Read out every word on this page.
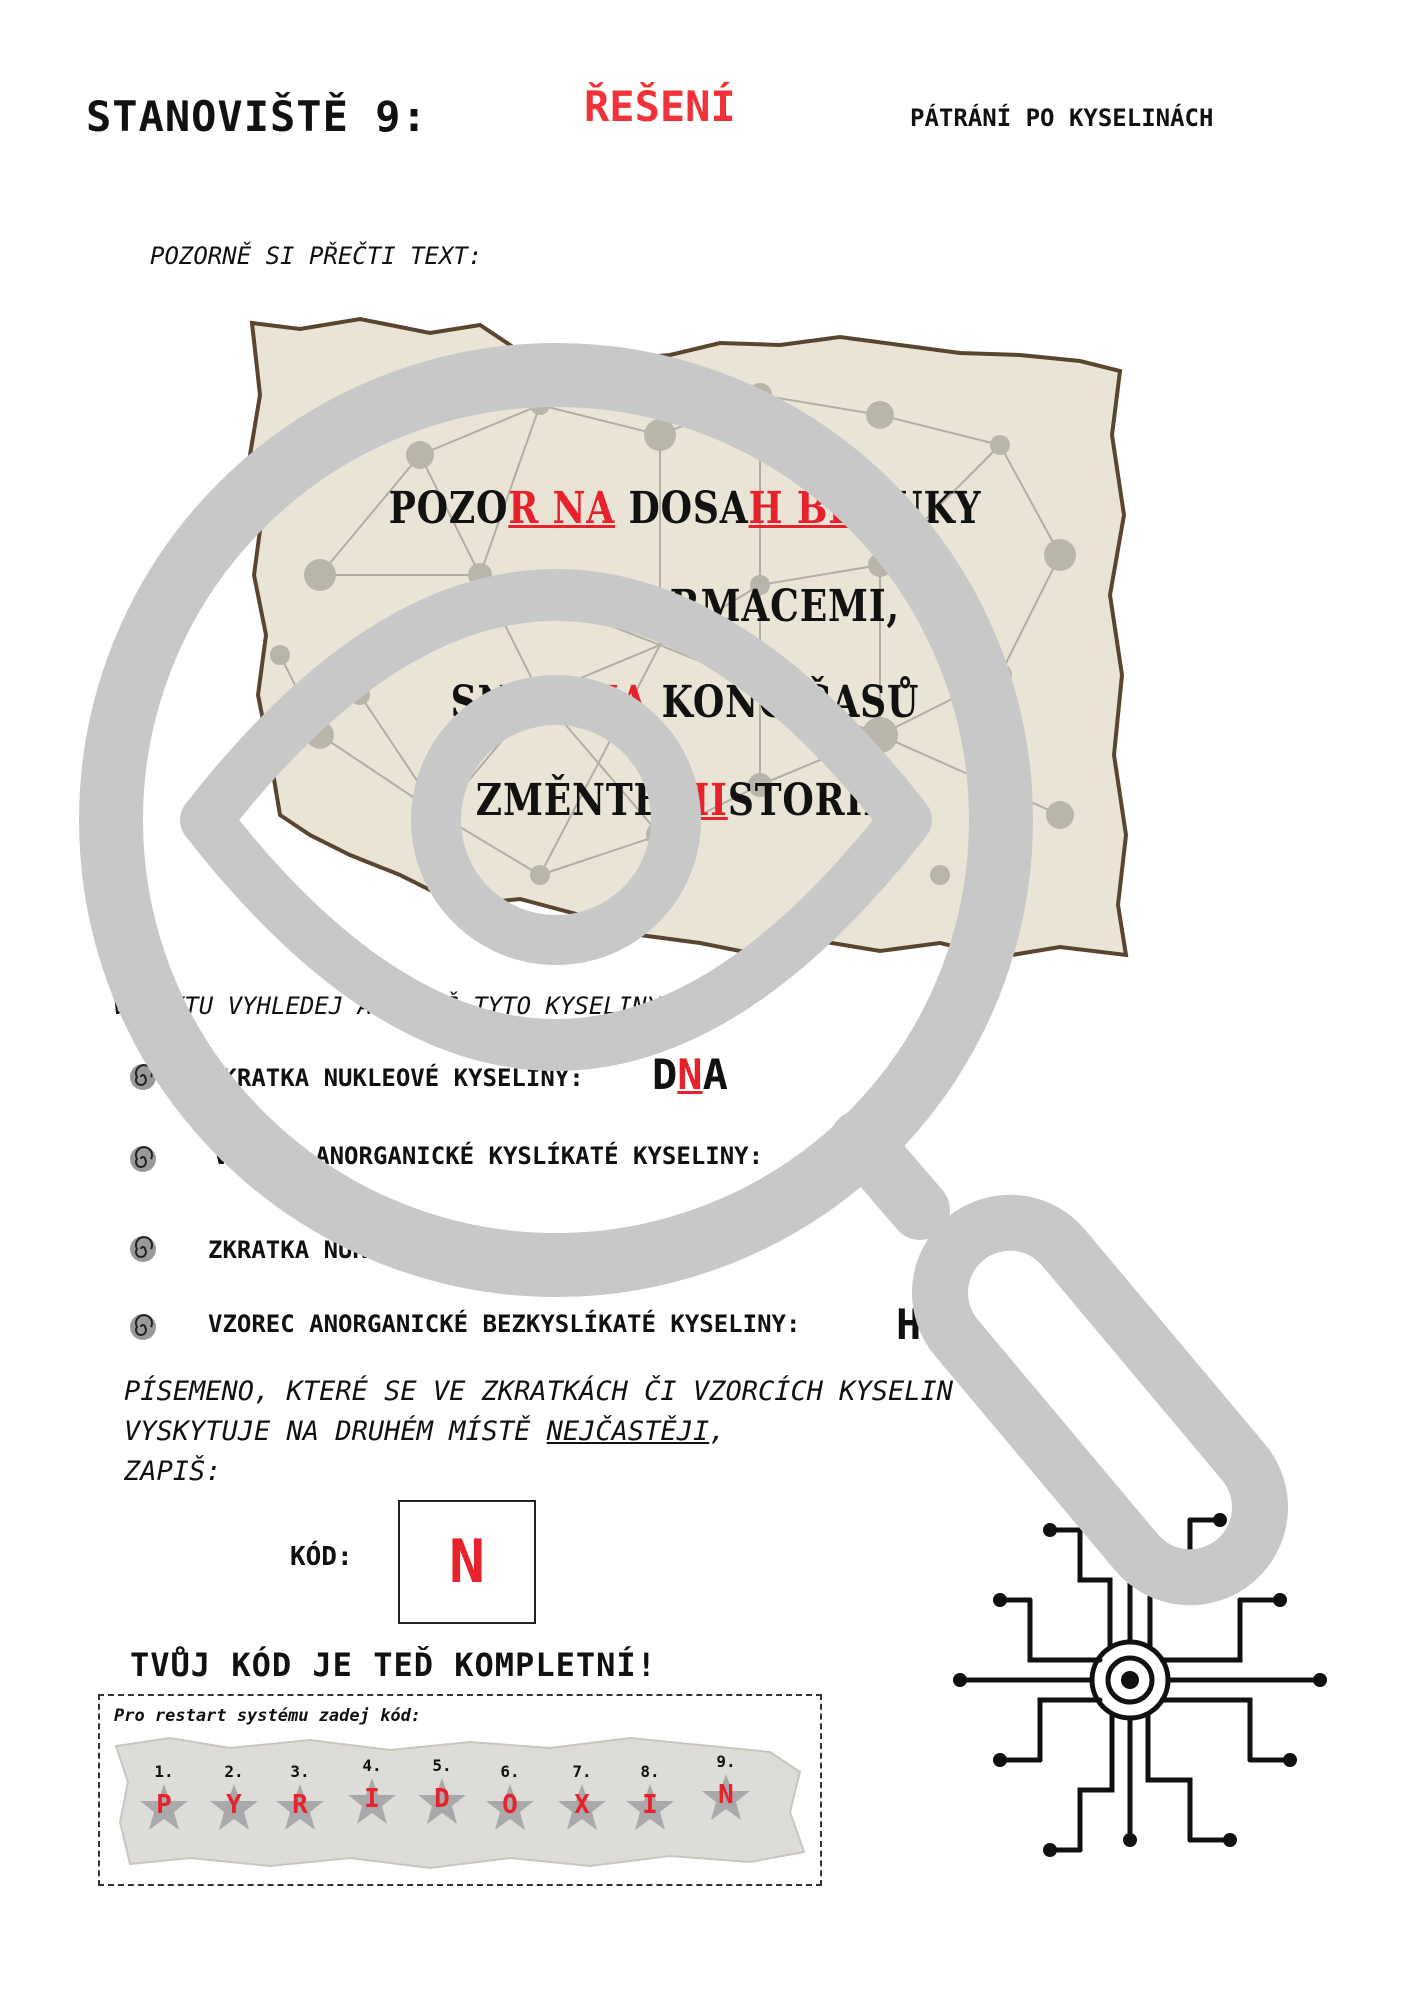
STANOVIŠTĚ 9:	ŘEŠENÍ	PÁTRÁNÍ PO KYSELINÁCH
POZORNĚ SI PŘEČTI TEXT:
POZOR NA DOSAH BROUKY
ÍMI INFORMACEMI,
SNAD NA KONC ČASŮ
ZMĚNTE HISTORII.
V TEXTU VYHLEDEJ A ZAPIŠ TYTO KYSELINY:
ZKRATKA NUKLEOVÉ KYSELINY: DNA
VZOREC ANORGANICKÉ KYSLÍKATÉ KYSELINY: HNO
ZKRATKA NUKLEOVÉ KYSELINY: RNA
VZOREC ANORGANICKÉ BEZKYSLÍKATÉ KYSELINY: HI
PÍSEMENO, KTERÉ SE VE ZKRATKÁCH ČI VZORCÍCH KYSELIN
VYSKYTUJE NA DRUHÉM MÍSTĚ NEJČASTĚJI,
ZAPIŠ:
KÓD: N
TVŮJ KÓD JE TEĎ KOMPLETNÍ!
Pro restart systému zadej kód:
1.
P
2.
Y
3.
R
4.
I
5.
D
6.
O
7.
X
8.
I
9.
N
